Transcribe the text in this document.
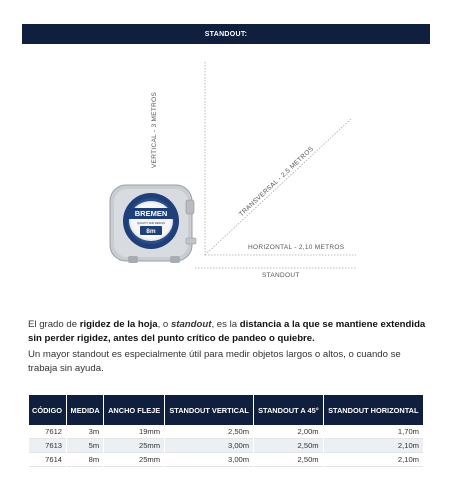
STANDOUT:
BREMEN
QUALITY AND DESIGN
8m
VERTICAL - 3 METROS
TRANSVERSAL - 2,5 METROS
HORIZONTAL - 2,10 METROS
STANDOUT

El grado de rigidez de la hoja, o standout, es la distancia a la que se mantiene extendida sin perder rigidez, antes del punto crítico de pandeo o quiebre.

Un mayor standout es especialmente útil para medir objetos largos o altos, o cuando se trabaja sin ayuda.

CÓDIGO	MEDIDA	ANCHO FLEJE	STANDOUT VERTICAL	STANDOUT A 45°	STANDOUT HORIZONTAL
7612	3m	19mm	2,50m	2,00m	1,70m
7613	5m	25mm	3,00m	2,50m	2,10m
7614	8m	25mm	3,00m	2,50m	2,10m
